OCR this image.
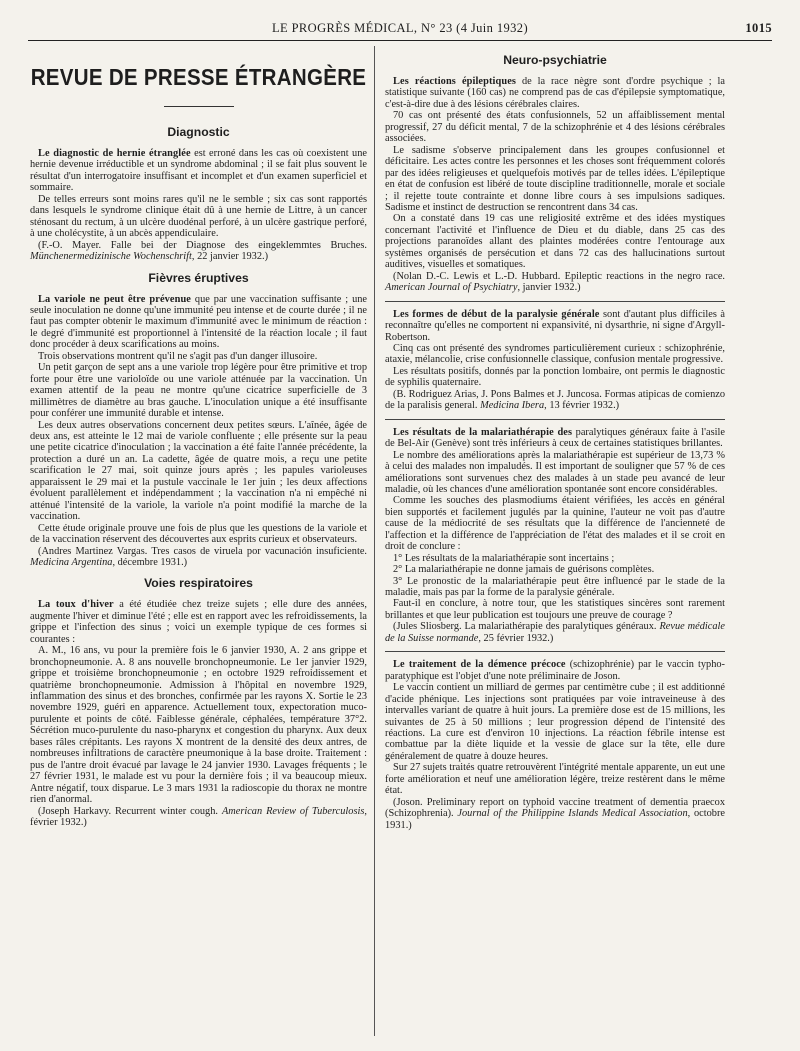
LE PROGRÈS MÉDICAL, N° 23 (4 Juin 1932)	1015
REVUE DE PRESSE ÉTRANGÈRE
Diagnostic

Le diagnostic de hernie étranglée est erroné dans les cas où coexistent une hernie devenue irréductible et un syndrome abdominal ; il se fait plus souvent le résultat d'un interrogatoire insuffisant et incomplet et d'un examen superficiel et sommaire.

De telles erreurs sont moins rares qu'il ne le semble ; six cas sont rapportés dans lesquels le syndrome clinique était dû à une hernie de Littre, à un cancer sténosant du rectum, à un ulcère duodénal perforé, à un ulcère gastrique perforé, à une cholécystite, à un abcès appendiculaire.

(F.-O. Mayer. Falle bei der Diagnose des eingeklemmtes Bruches. Münchenermedizinische Wochenschrift, 22 janvier 1932.)

Fièvres éruptives

La variole ne peut être prévenue que par une vaccination suffisante ; une seule inoculation ne donne qu'une immunité peu intense et de courte durée ; il ne faut pas compter obtenir le maximum d'immunité avec le minimum de réaction : le degré d'immunité est proportionnel à l'intensité de la réaction locale ; il faut donc procéder à deux scarifications au moins.

Trois observations montrent qu'il ne s'agit pas d'un danger illusoire.

Un petit garçon de sept ans a une variole trop légère pour être primitive et trop forte pour être une varioloïde ou une variole atténuée par la vaccination. Un examen attentif de la peau ne montre qu'une cicatrice superficielle de 3 millimètres de diamètre au bras gauche. L'inoculation unique a été insuffisante pour conférer une immunité durable et intense.

Les deux autres observations concernent deux petites sœurs. L'aînée, âgée de deux ans, est atteinte le 12 mai de variole confluente ; elle présente sur la peau une petite cicatrice d'inoculation ; la vaccination a été faite l'année précédente, la protection a duré un an. La cadette, âgée de quatre mois, a reçu une petite scarification le 27 mai, soit quinze jours après ; les papules varioleuses apparaissent le 29 mai et la pustule vaccinale le 1er juin ; les deux affections évoluent parallèlement et indépendamment ; la vaccination n'a ni empêché ni atténué l'intensité de la variole, la variole n'a point modifié la marche de la vaccination.

Cette étude originale prouve une fois de plus que les questions de la variole et de la vaccination réservent des découvertes aux esprits curieux et observateurs.

(Andres Martinez Vargas. Tres casos de viruela por vacunación insuficiente. Medicina Argentina, décembre 1931.)

Voies respiratoires

La toux d'hiver a été étudiée chez treize sujets ; elle dure des années, augmente l'hiver et diminue l'été ; elle est en rapport avec les refroidissements, la grippe et l'infection des sinus ; voici un exemple typique de ces formes si courantes :

A. M., 16 ans, vu pour la première fois le 6 janvier 1930, A. 2 ans grippe et bronchopneumonie. A. 8 ans nouvelle bronchopneumonie. Le 1er janvier 1929, grippe et troisième bronchopneumonie ; en octobre 1929 refroidissement et quatrième bronchopneumonie. Admission à l'hôpital en novembre 1929, inflammation des sinus et des bronches, confirmée par les rayons X. Sortie le 23 novembre 1929, guéri en apparence. Actuellement toux, expectoration muco-purulente et points de côté. Faiblesse générale, céphalées, température 37°2. Sécrétion muco-purulente du naso-pharynx et congestion du pharynx. Aux deux bases râles crépitants. Les rayons X montrent de la densité des deux antres, de nombreuses infiltrations de caractère pneumonique à la base droite. Traitement : pus de l'antre droit évacué par lavage le 24 janvier 1930. Lavages fréquents ; le 27 février 1931, le malade est vu pour la dernière fois ; il va beaucoup mieux. Antre négatif, toux disparue. Le 3 mars 1931 la radioscopie du thorax ne montre rien d'anormal.

(Joseph Harkavy. Recurrent winter cough. American Review of Tuberculosis, février 1932.)

Neuro-psychiatrie

Les réactions épileptiques de la race nègre sont d'ordre psychique ; la statistique suivante (160 cas) ne comprend pas de cas d'épilepsie symptomatique, c'est-à-dire due à des lésions cérébrales claires.

70 cas ont présenté des états confusionnels, 52 un affaiblissement mental progressif, 27 du déficit mental, 7 de la schizophrénie et 4 des lésions cérébrales associées.

Le sadisme s'observe principalement dans les groupes confusionnel et déficitaire. Les actes contre les personnes et les choses sont fréquemment colorés par des idées religieuses et quelquefois motivés par de telles idées. L'épileptique en état de confusion est libéré de toute discipline traditionnelle, morale et sociale ; il rejette toute contrainte et donne libre cours à ses impulsions sadiques. Sadisme et instinct de destruction se rencontrent dans 34 cas.

On a constaté dans 19 cas une religiosité extrême et des idées mystiques concernant l'activité et l'influence de Dieu et du diable, dans 25 cas des projections paranoïdes allant des plaintes modérées contre l'entourage aux systèmes organisés de persécution et dans 72 cas des hallucinations surtout auditives, visuelles et somatiques.

(Nolan D.-C. Lewis et L.-D. Hubbard. Epileptic reactions in the negro race. American Journal of Psychiatry, janvier 1932.)

Les formes de début de la paralysie générale sont d'autant plus difficiles à reconnaître qu'elles ne comportent ni expansivité, ni dysarthrie, ni signe d'Argyll-Robertson.

Cinq cas ont présenté des syndromes particulièrement curieux : schizophrénie, ataxie, mélancolie, crise confusionnelle classique, confusion mentale progressive.

Les résultats positifs, donnés par la ponction lombaire, ont permis le diagnostic de syphilis quaternaire.

(B. Rodriguez Arias, J. Pons Balmes et J. Juncosa. Formas atipicas de comienzo de la paralisis general. Medicina Ibera, 13 février 1932.)

Les résultats de la malariathérapie des paralytiques généraux faite à l'asile de Bel-Air (Genève) sont très inférieurs à ceux de certaines statistiques brillantes.

Le nombre des améliorations après la malariathérapie est supérieur de 13,73 % à celui des malades non impaludés. Il est important de souligner que 57 % de ces améliorations sont survenues chez des malades à un stade peu avancé de leur maladie, où les chances d'une amélioration spontanée sont encore considérables.

Comme les souches des plasmodiums étaient vérifiées, les accès en général bien supportés et facilement jugulés par la quinine, l'auteur ne voit pas d'autre cause de la médiocrité de ses résultats que la différence de l'ancienneté de l'affection et la différence de l'appréciation de l'état des malades et il se croit en droit de conclure :

1° Les résultats de la malariathérapie sont incertains ;

2° La malariathérapie ne donne jamais de guérisons complètes.

3° Le pronostic de la malariathérapie peut être influencé par le stade de la maladie, mais pas par la forme de la paralysie générale.

Faut-il en conclure, à notre tour, que les statistiques sincères sont rarement brillantes et que leur publication est toujours une preuve de courage ?

(Jules Sliosberg. La malariathérapie des paralytiques généraux. Revue médicale de la Suisse normande, 25 février 1932.)

Le traitement de la démence précoce (schizophrénie) par le vaccin typho-paratyphique est l'objet d'une note préliminaire de Joson.

Le vaccin contient un milliard de germes par centimètre cube ; il est additionné d'acide phénique. Les injections sont pratiquées par voie intraveineuse à des intervalles variant de quatre à huit jours. La première dose est de 15 millions, les suivantes de 25 à 50 millions ; leur progression dépend de l'intensité des réactions. La cure est d'environ 10 injections. La réaction fébrile intense est combattue par la diète liquide et la vessie de glace sur la tête, elle dure généralement de quatre à douze heures.

Sur 27 sujets traités quatre retrouvèrent l'intégrité mentale apparente, un eut une forte amélioration et neuf une amélioration légère, treize restèrent dans le même état.

(Joson. Preliminary report on typhoid vaccine treatment of dementia praecox (Schizophrenia). Journal of the Philippine Islands Medical Association, octobre 1931.)
